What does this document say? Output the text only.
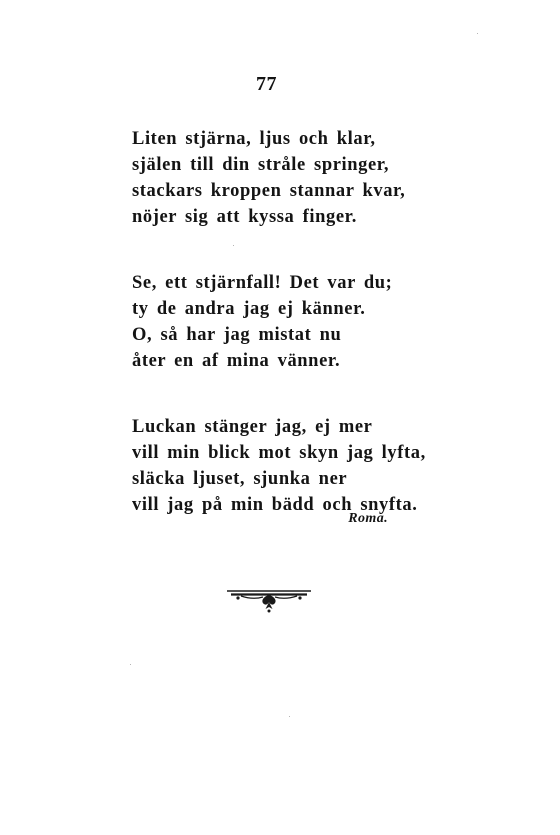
77
Liten stjärna, ljus och klar,
själen till din stråle springer,
stackars kroppen stannar kvar,
nöjer sig att kyssa finger.
Se, ett stjärnfall! Det var du;
ty de andra jag ej känner.
O, så har jag mistat nu
åter en af mina vänner.
Luckan stänger jag, ej mer
vill min blick mot skyn jag lyfta,
släcka ljuset, sjunka ner
vill jag på min bädd och snyfta.
Roma.
